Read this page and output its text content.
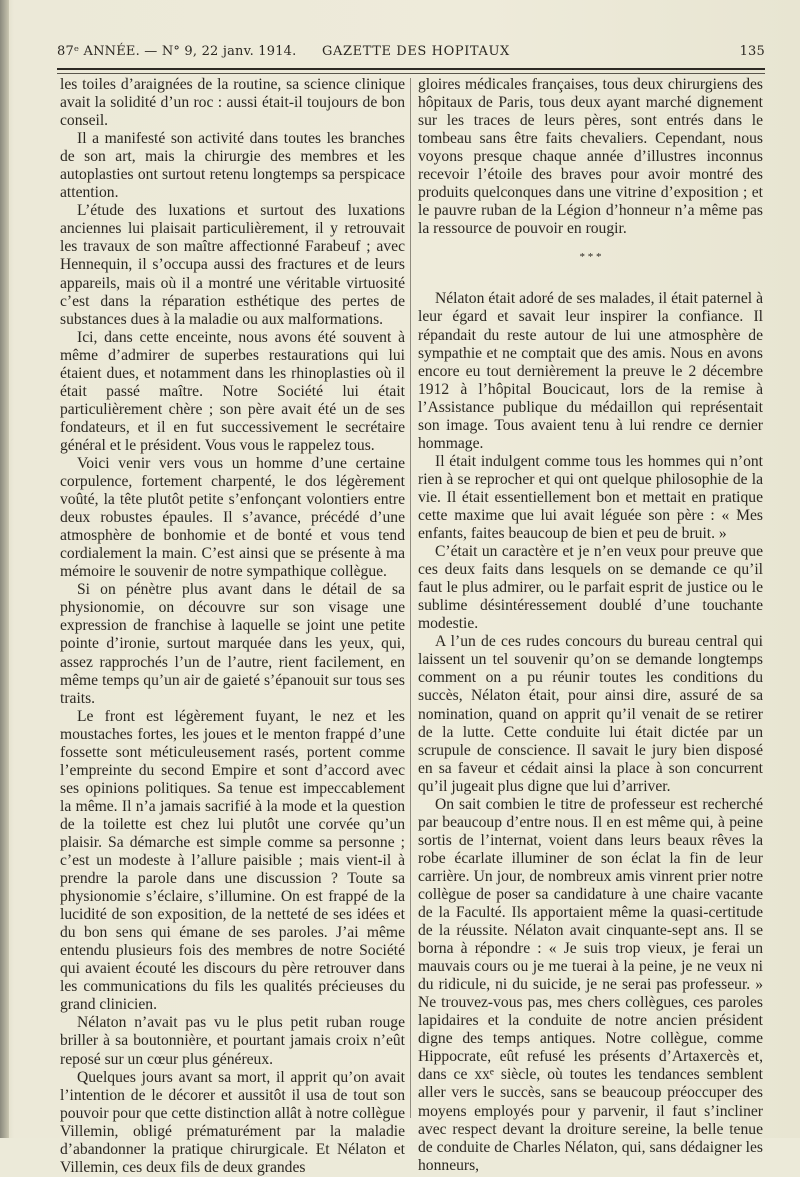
87ᵉ ANNÉE. — N° 9, 22 janv. 1914. GAZETTE DES HOPITAUX	135

les toiles d’araignées de la routine, sa science clinique avait la solidité d’un roc : aussi était-il toujours de bon conseil.

Il a manifesté son activité dans toutes les branches de son art, mais la chirurgie des membres et les autoplasties ont surtout retenu longtemps sa perspicace attention.

L’étude des luxations et surtout des luxations anciennes lui plaisait particulièrement, il y retrouvait les travaux de son maître affectionné Farabeuf ; avec Hennequin, il s’occupa aussi des fractures et de leurs appareils, mais où il a montré une véritable virtuosité c’est dans la réparation esthétique des pertes de substances dues à la maladie ou aux malformations.

Ici, dans cette enceinte, nous avons été souvent à même d’admirer de superbes restaurations qui lui étaient dues, et notamment dans les rhinoplasties où il était passé maître. Notre Société lui était particulièrement chère ; son père avait été un de ses fondateurs, et il en fut successivement le secrétaire général et le président. Vous vous le rappelez tous.

Voici venir vers vous un homme d’une certaine corpulence, fortement charpenté, le dos légèrement voûté, la tête plutôt petite s’enfonçant volontiers entre deux robustes épaules. Il s’avance, précédé d’une atmosphère de bonhomie et de bonté et vous tend cordialement la main. C’est ainsi que se présente à ma mémoire le souvenir de notre sympathique collègue.

Si on pénètre plus avant dans le détail de sa physionomie, on découvre sur son visage une expression de franchise à laquelle se joint une petite pointe d’ironie, surtout marquée dans les yeux, qui, assez rapprochés l’un de l’autre, rient facilement, en même temps qu’un air de gaieté s’épanouit sur tous ses traits.

Le front est légèrement fuyant, le nez et les moustaches fortes, les joues et le menton frappé d’une fossette sont méticuleusement rasés, portent comme l’empreinte du second Empire et sont d’accord avec ses opinions politiques. Sa tenue est impeccablement la même. Il n’a jamais sacrifié à la mode et la question de la toilette est chez lui plutôt une corvée qu’un plaisir. Sa démarche est simple comme sa personne ; c’est un modeste à l’allure paisible ; mais vient-il à prendre la parole dans une discussion ? Toute sa physionomie s’éclaire, s’illumine. On est frappé de la lucidité de son exposition, de la netteté de ses idées et du bon sens qui émane de ses paroles. J’ai même entendu plusieurs fois des membres de notre Société qui avaient écouté les discours du père retrouver dans les communications du fils les qualités précieuses du grand clinicien.

Nélaton n’avait pas vu le plus petit ruban rouge briller à sa boutonnière, et pourtant jamais croix n’eût reposé sur un cœur plus généreux.

Quelques jours avant sa mort, il apprit qu’on avait l’intention de le décorer et aussitôt il usa de tout son pouvoir pour que cette distinction allât à notre collègue Villemin, obligé prématurément par la maladie d’abandonner la pratique chirurgicale. Et Nélaton et Villemin, ces deux fils de deux grandes

gloires médicales françaises, tous deux chirurgiens des hôpitaux de Paris, tous deux ayant marché dignement sur les traces de leurs pères, sont entrés dans le tombeau sans être faits chevaliers. Cependant, nous voyons presque chaque année d’illustres inconnus recevoir l’étoile des braves pour avoir montré des produits quelconques dans une vitrine d’exposition ; et le pauvre ruban de la Légion d’honneur n’a même pas la ressource de pouvoir en rougir.

* * *

Nélaton était adoré de ses malades, il était paternel à leur égard et savait leur inspirer la confiance. Il répandait du reste autour de lui une atmosphère de sympathie et ne comptait que des amis. Nous en avons encore eu tout dernièrement la preuve le 2 décembre 1912 à l’hôpital Boucicaut, lors de la remise à l’Assistance publique du médaillon qui représentait son image. Tous avaient tenu à lui rendre ce dernier hommage.

Il était indulgent comme tous les hommes qui n’ont rien à se reprocher et qui ont quelque philosophie de la vie. Il était essentiellement bon et mettait en pratique cette maxime que lui avait léguée son père : « Mes enfants, faites beaucoup de bien et peu de bruit. »

C’était un caractère et je n’en veux pour preuve que ces deux faits dans lesquels on se demande ce qu’il faut le plus admirer, ou le parfait esprit de justice ou le sublime désintéressement doublé d’une touchante modestie.

A l’un de ces rudes concours du bureau central qui laissent un tel souvenir qu’on se demande longtemps comment on a pu réunir toutes les conditions du succès, Nélaton était, pour ainsi dire, assuré de sa nomination, quand on apprit qu’il venait de se retirer de la lutte. Cette conduite lui était dictée par un scrupule de conscience. Il savait le jury bien disposé en sa faveur et cédait ainsi la place à son concurrent qu’il jugeait plus digne que lui d’arriver.

On sait combien le titre de professeur est recherché par beaucoup d’entre nous. Il en est même qui, à peine sortis de l’internat, voient dans leurs beaux rêves la robe écarlate illuminer de son éclat la fin de leur carrière. Un jour, de nombreux amis vinrent prier notre collègue de poser sa candidature à une chaire vacante de la Faculté. Ils apportaient même la quasi-certitude de la réussite. Nélaton avait cinquante-sept ans. Il se borna à répondre : « Je suis trop vieux, je ferai un mauvais cours ou je me tuerai à la peine, je ne veux ni du ridicule, ni du suicide, je ne serai pas professeur. » Ne trouvez-vous pas, mes chers collègues, ces paroles lapidaires et la conduite de notre ancien président digne des temps antiques. Notre collègue, comme Hippocrate, eût refusé les présents d’Artaxercès et, dans ce xxᵉ siècle, où toutes les tendances semblent aller vers le succès, sans se beaucoup préoccuper des moyens employés pour y parvenir, il faut s’incliner avec respect devant la droiture sereine, la belle tenue de conduite de Charles Nélaton, qui, sans dédaigner les honneurs,
